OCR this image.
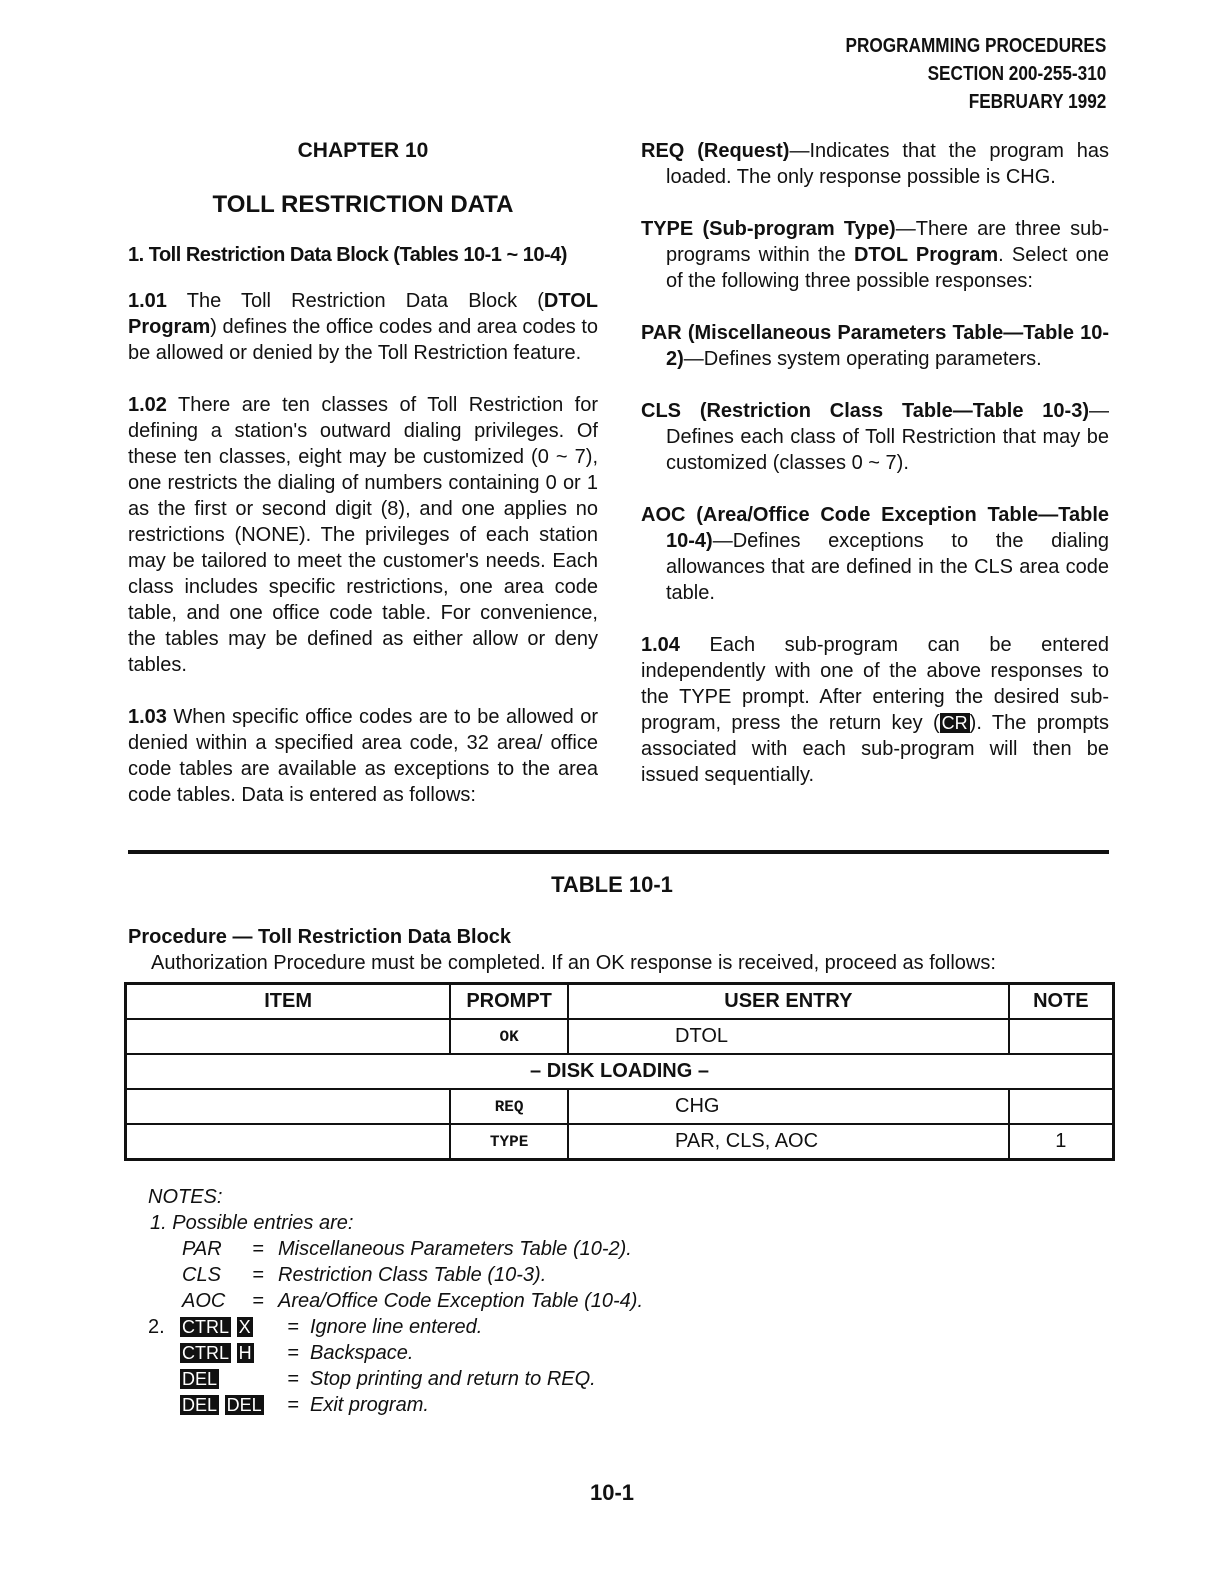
PROGRAMMING PROCEDURES
SECTION 200-255-310
FEBRUARY 1992
CHAPTER 10
TOLL RESTRICTION DATA
1. Toll Restriction Data Block (Tables 10-1 ~ 10-4)

1.01 The Toll Restriction Data Block (DTOL Program) defines the office codes and area codes to be allowed or denied by the Toll Restriction feature.

1.02 There are ten classes of Toll Restriction for defining a station's outward dialing privileges. Of these ten classes, eight may be customized (0 ~ 7), one restricts the dialing of numbers containing 0 or 1 as the first or second digit (8), and one applies no restrictions (NONE). The privileges of each station may be tailored to meet the customer's needs. Each class includes specific restrictions, one area code table, and one office code table. For convenience, the tables may be defined as either allow or deny tables.

1.03 When specific office codes are to be allowed or denied within a specified area code, 32 area/ office code tables are available as exceptions to the area code tables. Data is entered as follows:

REQ (Request)—Indicates that the program has loaded. The only response possible is CHG.
TYPE (Sub-program Type)—There are three sub-programs within the DTOL Program. Select one of the following three possible responses:
PAR (Miscellaneous Parameters Table—Table 10-2)—Defines system operating parameters.
CLS (Restriction Class Table—Table 10-3)—Defines each class of Toll Restriction that may be customized (classes 0 ~ 7).
AOC (Area/Office Code Exception Table—Table 10-4)—Defines exceptions to the dialing allowances that are defined in the CLS area code table.

1.04 Each sub-program can be entered independently with one of the above responses to the TYPE prompt. After entering the desired sub-program, press the return key ( CR ). The prompts associated with each sub-program will then be issued sequentially.

TABLE 10-1
Procedure — Toll Restriction Data Block
Authorization Procedure must be completed. If an OK response is received, proceed as follows:
ITEM	PROMPT	USER ENTRY	NOTE
	OK	DTOL	
– DISK LOADING –			
	REQ	CHG	
	TYPE	PAR, CLS, AOC	1
NOTES:
1. Possible entries are:
PAR = Miscellaneous Parameters Table (10-2).
CLS = Restriction Class Table (10-3).
AOC = Area/Office Code Exception Table (10-4).
2. CTRL X = Ignore line entered.
CTRL H = Backspace.
DEL	= Stop printing and return to REQ.
DEL DEL = Exit program.
10-1
